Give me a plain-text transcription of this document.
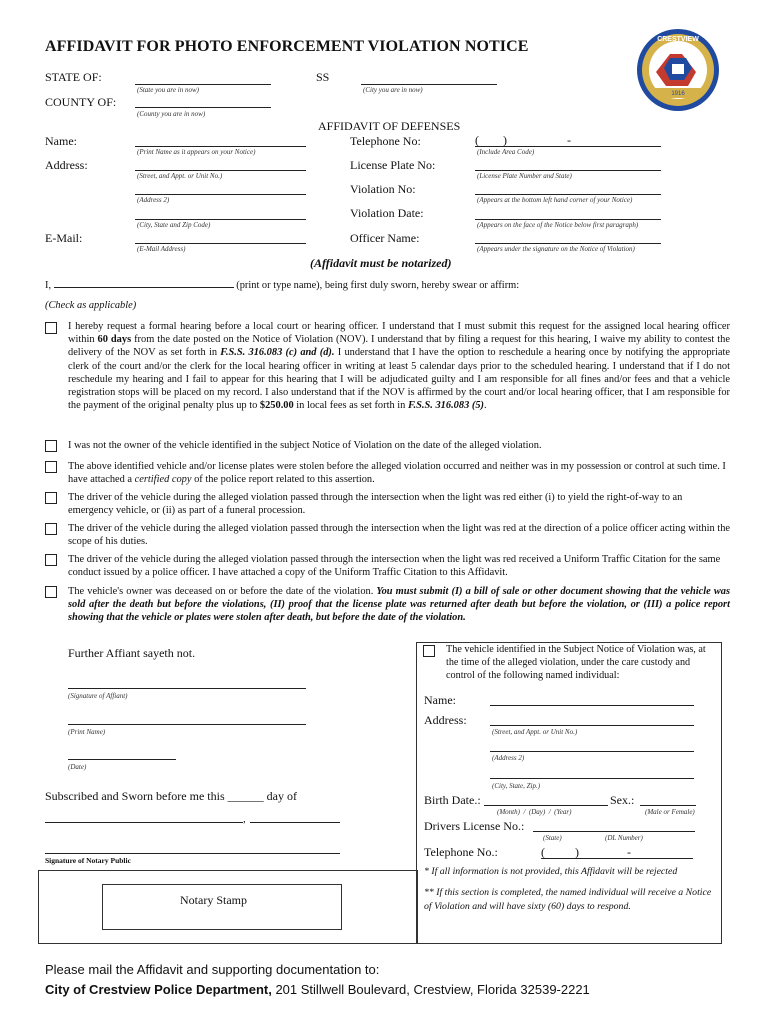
AFFIDAVIT FOR PHOTO ENFORCEMENT VIOLATION NOTICE
1916
CRESTVIEW
STATE OF:
(State you are in now)
SS
(City you are in now)
COUNTY OF:
(County you are in now)
AFFIDAVIT OF DEFENSES
Name:
(Print Name as it appears on your Notice)
Address:
(Street, and Appt. or Unit No.)
(Address 2)
(City, State and Zip Code)
E-Mail:
(E-Mail Address)
Telephone No:	(        )                    -
(Include Area Code)
License Plate No:
(License Plate Number and State)
Violation No:
(Appears at the bottom left hand corner of your Notice)
Violation Date:
(Appears on the face of the Notice below first paragraph)
Officer Name:
(Appears under the signature on the Notice of Violation)
(Affidavit must be notarized)
I,	(print or type name), being first duly sworn, hereby swear or affirm:
(Check as applicable)
I hereby request a formal hearing before a local court or hearing officer. I understand that I must submit this request for the assigned local hearing officer within 60 days from the date posted on the Notice of Violation (NOV). I understand that by filing a request for this hearing, I waive my ability to contest the delivery of the NOV as set forth in F.S.S. 316.083 (c) and (d). I understand that I have the option to reschedule a hearing once by notifying the appropriate clerk of the court and/or the clerk for the local hearing officer in writing at least 5 calendar days prior to the scheduled hearing. I understand that if I do not reschedule my hearing and I fail to appear for this hearing that I will be adjudicated guilty and I am responsible for all fines and/or fees and that a vehicle registration stops will be placed on my record. I also understand that if the NOV is affirmed by the court and/or local hearing officer, that I am responsible for the payment of the original penalty plus up to $250.00 in local fees as set forth in F.S.S. 316.083 (5).
I was not the owner of the vehicle identified in the subject Notice of Violation on the date of the alleged violation.
The above identified vehicle and/or license plates were stolen before the alleged violation occurred and neither was in my possession or control at such time. I have attached a certified copy of the police report related to this assertion.
The driver of the vehicle during the alleged violation passed through the intersection when the light was red either (i) to yield the right-of-way to an emergency vehicle, or (ii) as part of a funeral procession.
The driver of the vehicle during the alleged violation passed through the intersection when the light was red at the direction of a police officer acting within the scope of his duties.
The driver of the vehicle during the alleged violation passed through the intersection when the light was red received a Uniform Traffic Citation for the same conduct issued by a police officer. I have attached a copy of the Uniform Traffic Citation to this Affidavit.
The vehicle's owner was deceased on or before the date of the violation. You must submit (I) a bill of sale or other document showing that the vehicle was sold after the death but before the violations, (II) proof that the license plate was returned after death but before the violation, or (III) a police report showing that the vehicle or plates were stolen after death, but before the date of the violation.
Further Affiant sayeth not.
(Signature of Affiant)
(Print Name)
(Date)
Subscribed and Sworn before me this ______ day of
,
Signature of Notary Public
Notary Stamp
The vehicle identified in the Subject Notice of Violation was, at the time of the alleged violation, under the care custody and control of the following named individual:
Name:
Address:
(Street, and Appt. or Unit No.)
(Address 2)
(City, State, Zip.)
Birth Date.:
(Month)  /  (Day)  /  (Year)
Sex.:
(Male or Female)
Drivers License No.:
(State)	(DL Number)
Telephone No.:	(          )                -
* If all information is not provided, this Affidavit will be rejected
** If this section is completed, the named individual will receive a Notice of Violation and will have sixty (60) days to respond.
Please mail the Affidavit and supporting documentation to:
City of Crestview Police Department, 201 Stillwell Boulevard, Crestview, Florida 32539-2221
